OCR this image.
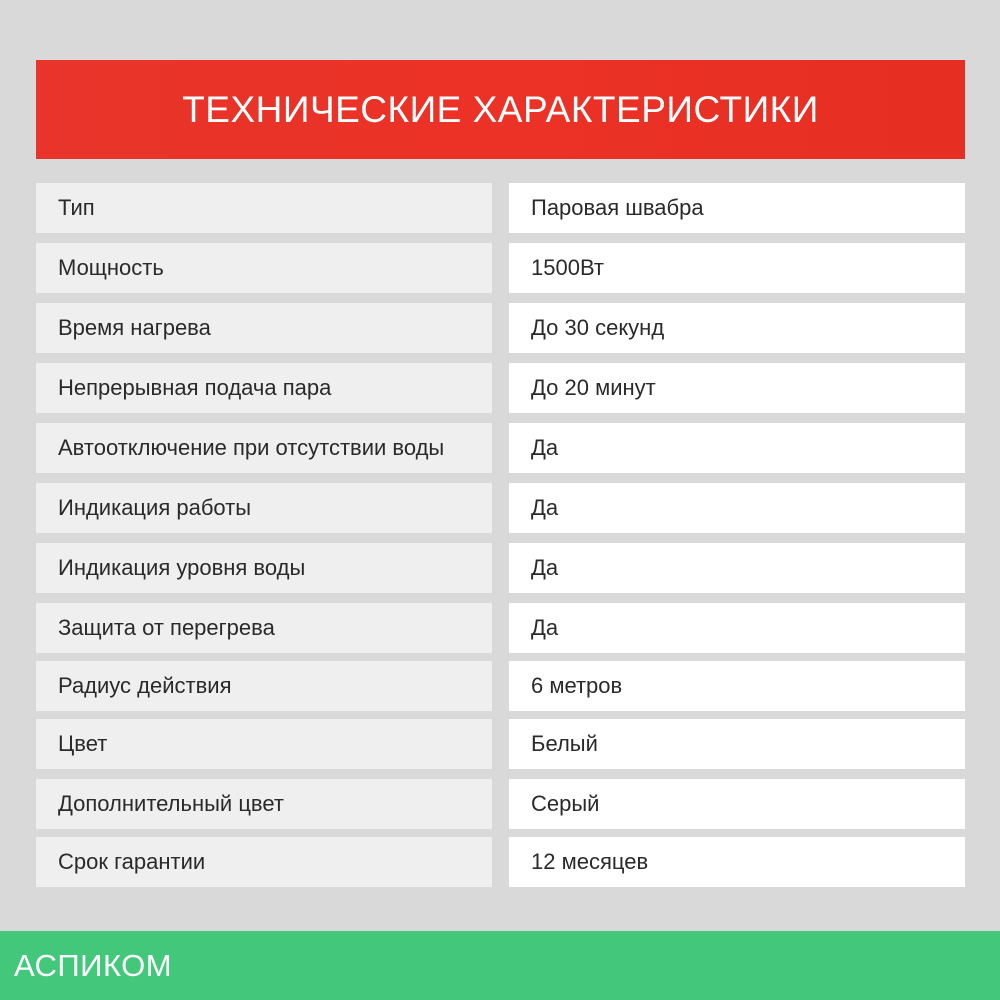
ТЕХНИЧЕСКИЕ ХАРАКТЕРИСТИКИ
Тип	Паровая швабра
Мощность	1500Вт
Время нагрева	До 30 секунд
Непрерывная подача пара	До 20 минут
Автоотключение при отсутствии воды	Да
Индикация работы	Да
Индикация уровня воды	Да
Защита от перегрева	Да
Радиус действия	6 метров
Цвет	Белый
Дополнительный цвет	Серый
Срок гарантии	12 месяцев
АСПИКОМ
